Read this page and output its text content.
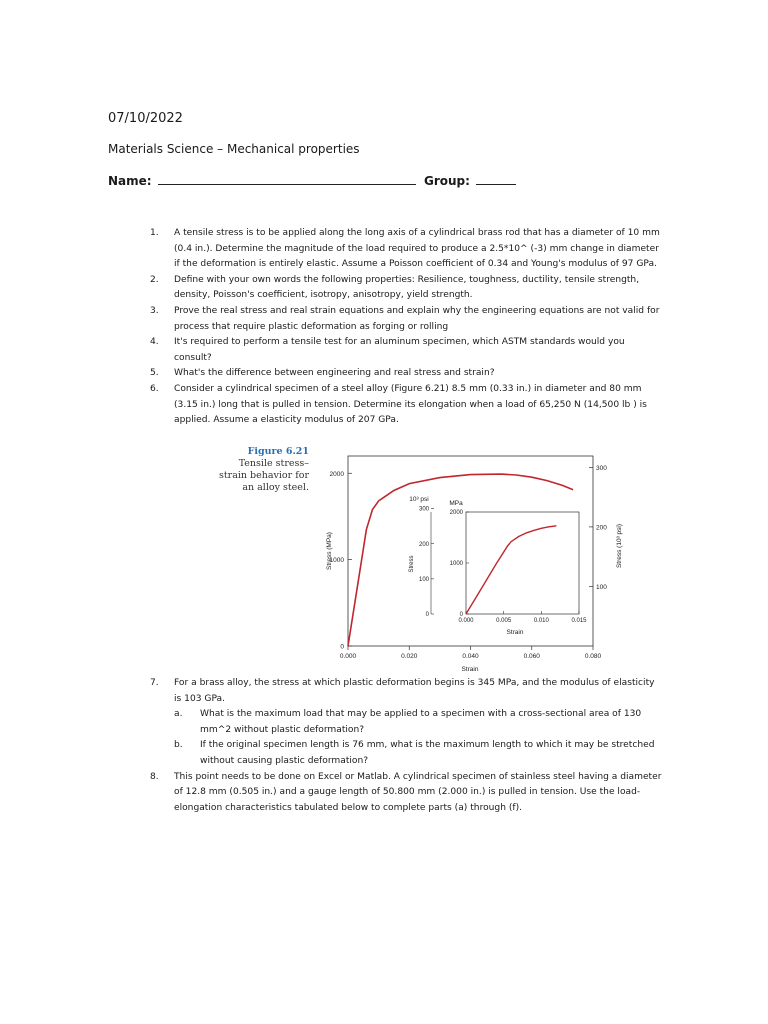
07/10/2022
Materials Science – Mechanical properties
Name:	Group:
1. A tensile stress is to be applied along the long axis of a cylindrical brass rod that has a diameter of 10 mm (0.4 in.). Determine the magnitude of the load required to produce a 2.5*10^ (-3) mm change in diameter if the deformation is entirely elastic. Assume a Poisson coefficient of 0.34 and Young's modulus of 97 GPa.
2. Define with your own words the following properties: Resilience, toughness, ductility, tensile strength, density, Poisson's coefficient, isotropy, anisotropy, yield strength.
3. Prove the real stress and real strain equations and explain why the engineering equations are not valid for process that require plastic deformation as forging or rolling
4. It's required to perform a tensile test for an aluminum specimen, which ASTM standards would you consult?
5. What's the difference between engineering and real stress and strain?
6. Consider a cylindrical specimen of a steel alloy (Figure 6.21) 8.5 mm (0.33 in.) in diameter and 80 mm (3.15 in.) long that is pulled in tension. Determine its elongation when a load of 65,250 N (14,500 lb ) is applied. Assume a elasticity modulus of 207 GPa.
Figure 6.21 Tensile stress–strain behavior for an alloy steel.
0.000	0.020	0.040	0.060	0.080
0
1000
2000
100
200
300
0.000	0.005	0.010	0.015
0
1000
2000
0
100
200
300
Stress (MPa)
Strain
Stress (10³ psi)
10³ psi
MPa
Stress
Strain
7. For a brass alloy, the stress at which plastic deformation begins is 345 MPa, and the modulus of elasticity is 103 GPa.
a. What is the maximum load that may be applied to a specimen with a cross-sectional area of 130 mm^2 without plastic deformation?
b. If the original specimen length is 76 mm, what is the maximum length to which it may be stretched without causing plastic deformation?
8. This point needs to be done on Excel or Matlab. A cylindrical specimen of stainless steel having a diameter of 12.8 mm (0.505 in.) and a gauge length of 50.800 mm (2.000 in.) is pulled in tension. Use the load-elongation characteristics tabulated below to complete parts (a) through (f).
